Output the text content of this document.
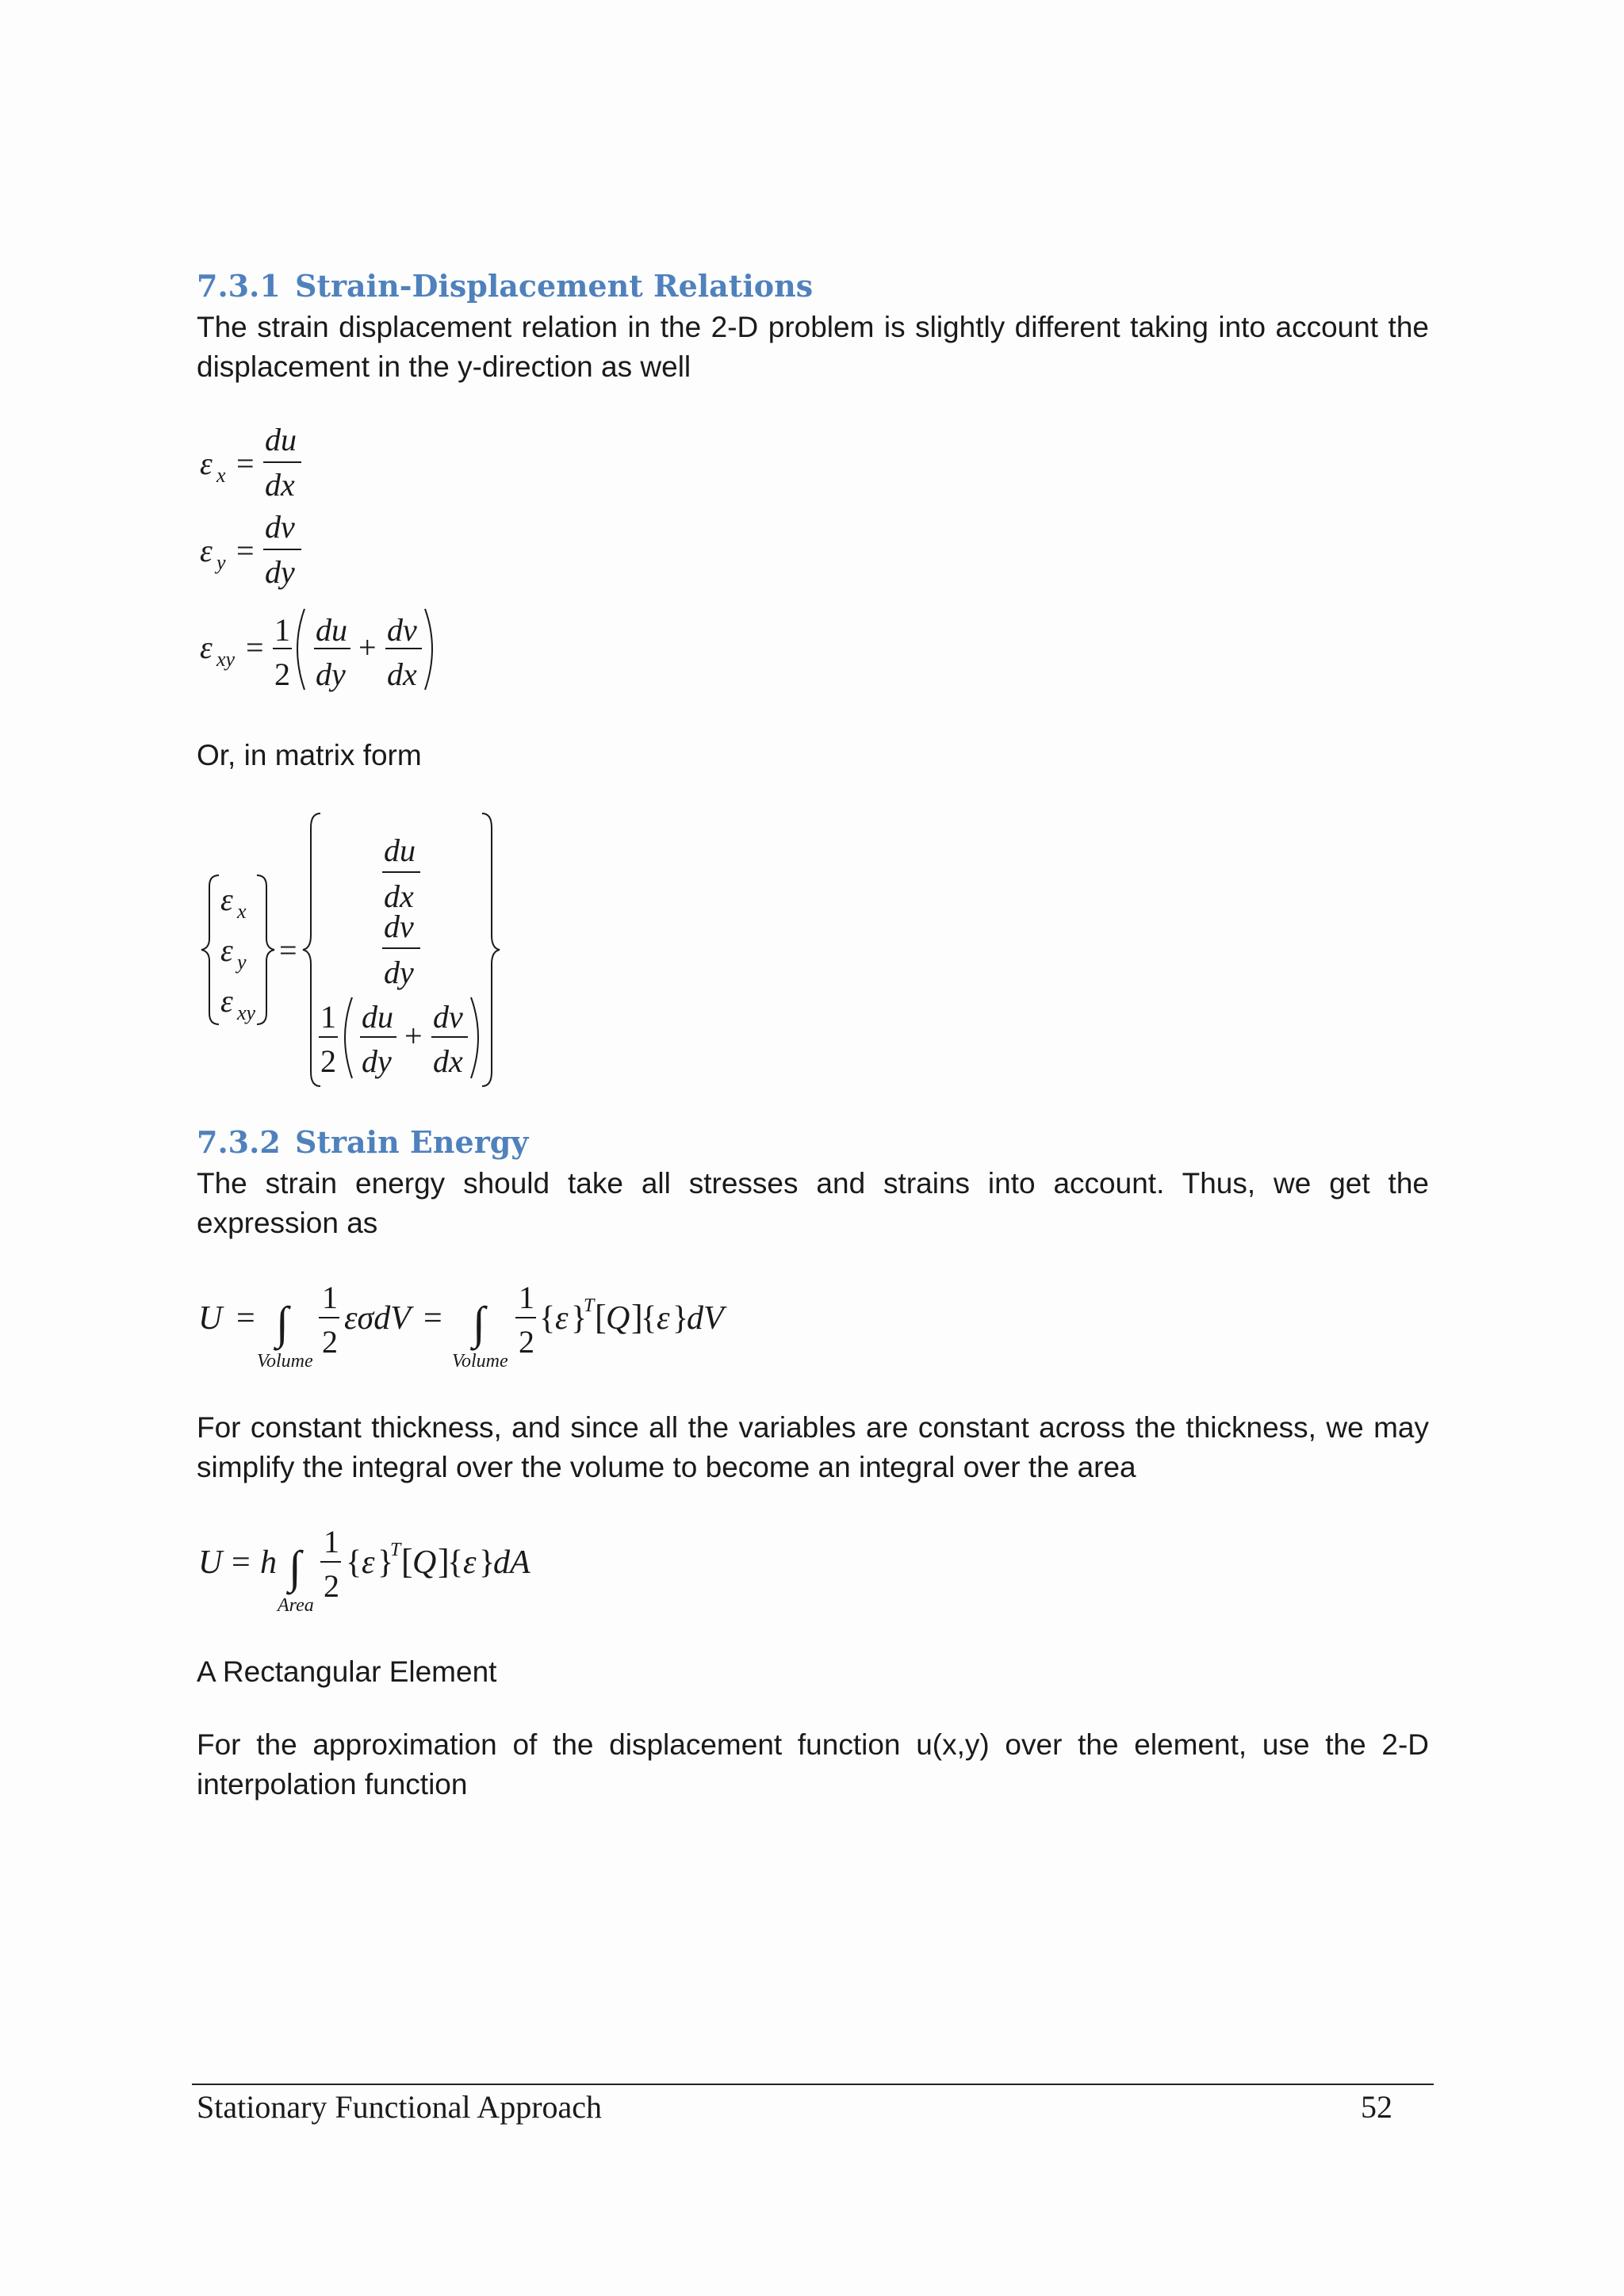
7.3.1 Strain-Displacement Relations

The strain displacement relation in the 2-D problem is slightly different taking into account the displacement in the y-direction as well

ε x =
du
dx
ε y =
dv
dy
ε xy = 1
2
du
dy
+ dv
dx

Or, in matrix form

ε x
ε y
ε xy
=
du
dx
dv
dy
1
2
du
dy
+
dv
dx
7.3.2 Strain Energy

The strain energy should take all stresses and strains into account. Thus, we get the expression as

U = ∫
Volume
1
2
εσdV = ∫
Volume
1
2
{ ε }
T [ Q ]
{ ε }
dV

For constant thickness, and since all the variables are constant across the thickness, we may simplify the integral over the volume to become an integral over the area

U = h ∫
Area
1
2
{ ε }
T [ Q ]
{ ε }
dA

A Rectangular Element

For the approximation of the displacement function u(x,y) over the element, use the 2-D interpolation function

Stationary Functional Approach	52
